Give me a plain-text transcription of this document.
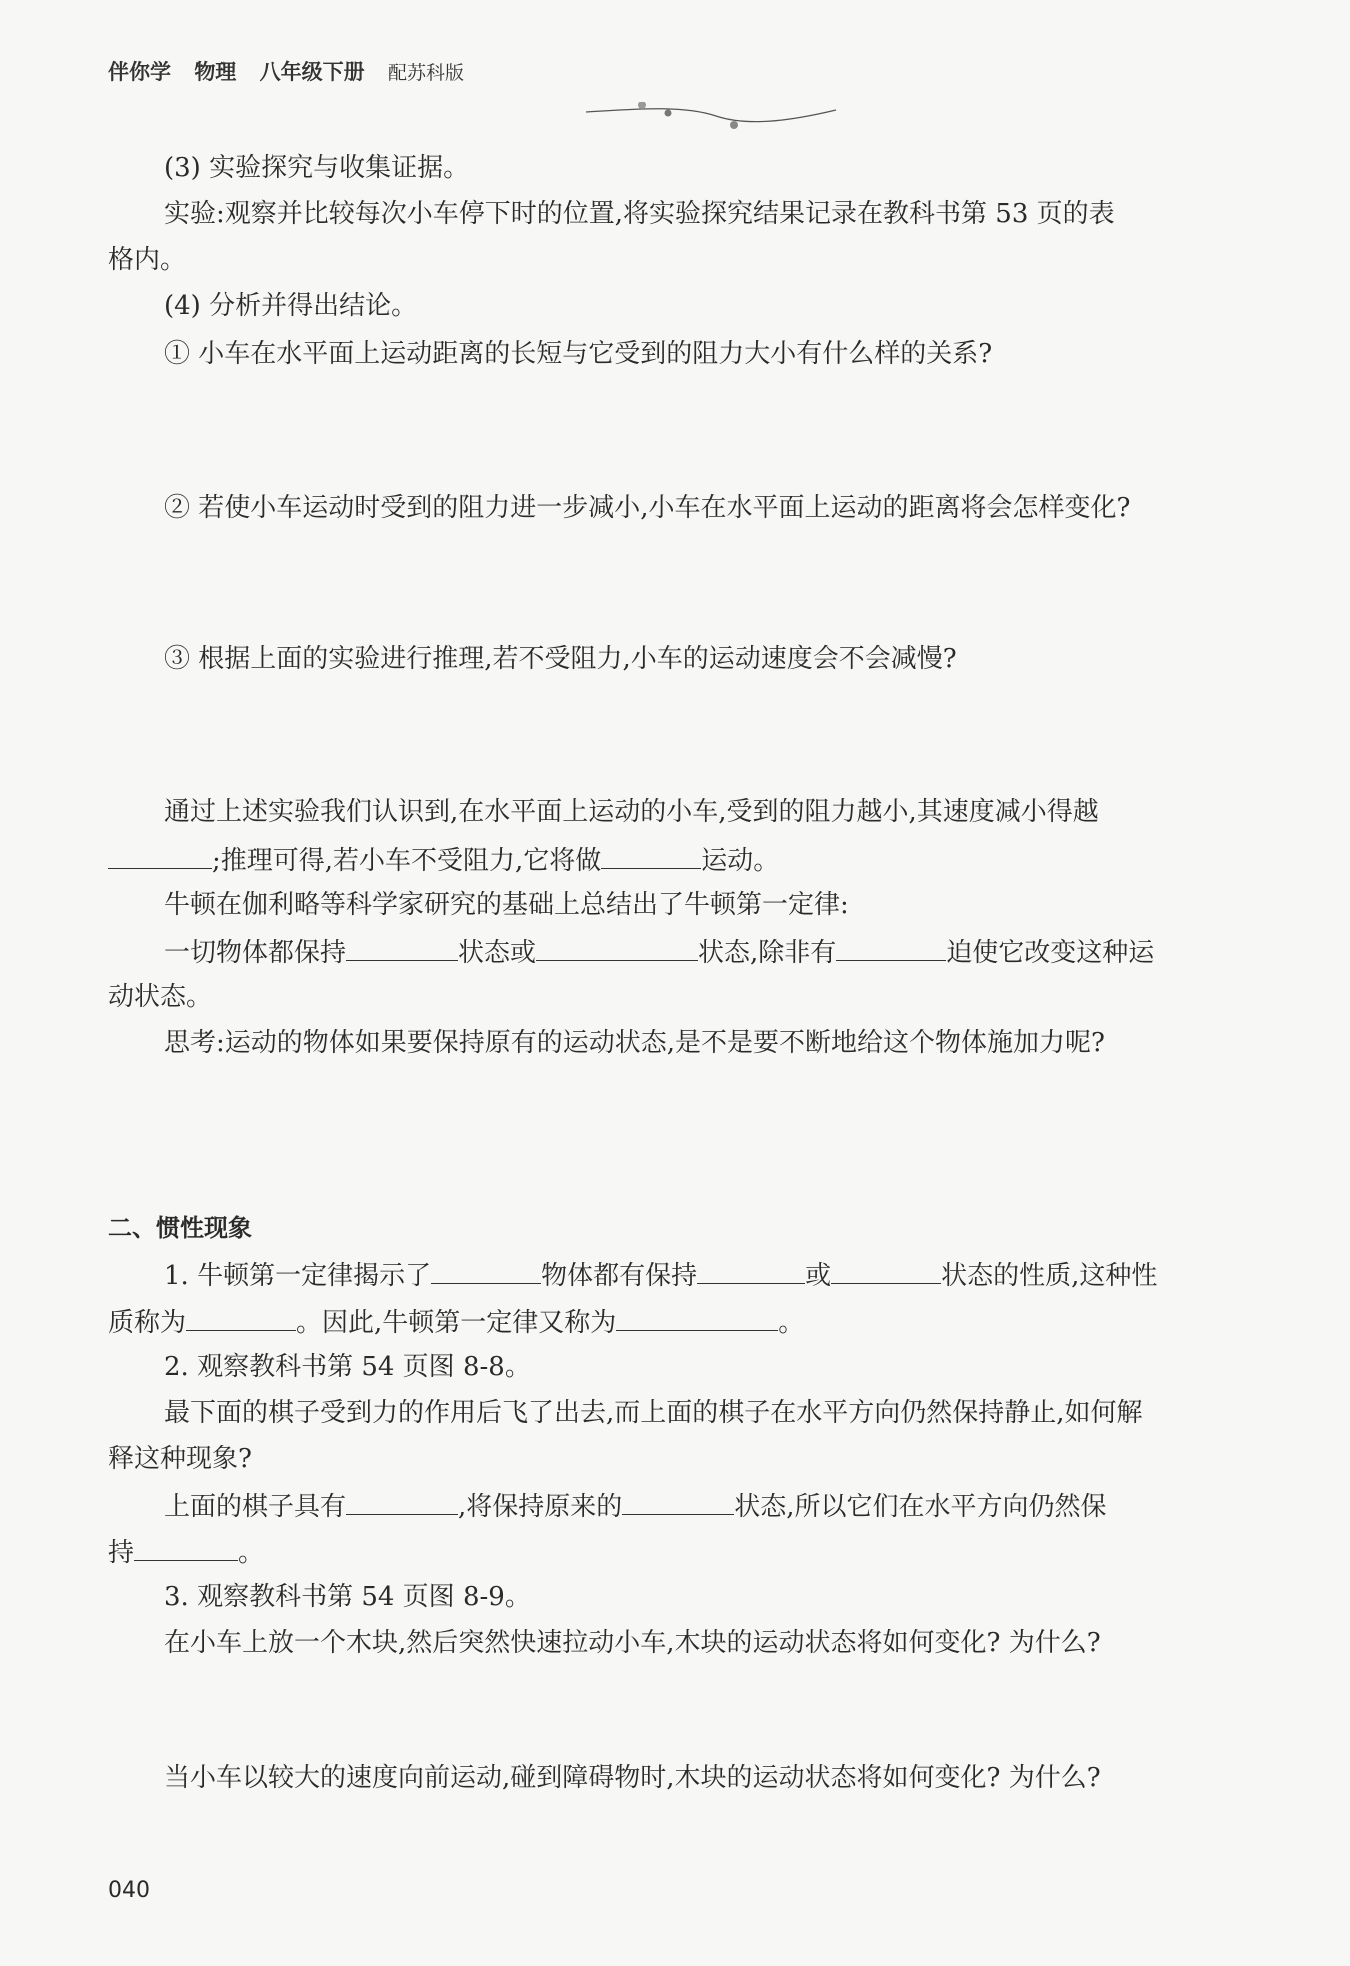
伴你学 物理 八年级下册 配苏科版
(3) 实验探究与收集证据。
实验:观察并比较每次小车停下时的位置,将实验探究结果记录在教科书第 53 页的表
格内。
(4) 分析并得出结论。
① 小车在水平面上运动距离的长短与它受到的阻力大小有什么样的关系?
② 若使小车运动时受到的阻力进一步减小,小车在水平面上运动的距离将会怎样变化?
③ 根据上面的实验进行推理,若不受阻力,小车的运动速度会不会减慢?
通过上述实验我们认识到,在水平面上运动的小车,受到的阻力越小,其速度减小得越
;推理可得,若小车不受阻力,它将做	运动。
牛顿在伽利略等科学家研究的基础上总结出了牛顿第一定律:
一切物体都保持	状态或	状态,除非有	迫使它改变这种运
动状态。
思考:运动的物体如果要保持原有的运动状态,是不是要不断地给这个物体施加力呢?
二、惯性现象
1. 牛顿第一定律揭示了	物体都有保持	或	状态的性质,这种性
质称为	。因此,牛顿第一定律又称为	。
2. 观察教科书第 54 页图 8-8。
最下面的棋子受到力的作用后飞了出去,而上面的棋子在水平方向仍然保持静止,如何解
释这种现象?
上面的棋子具有	,将保持原来的	状态,所以它们在水平方向仍然保
持	。
3. 观察教科书第 54 页图 8-9。
在小车上放一个木块,然后突然快速拉动小车,木块的运动状态将如何变化? 为什么?
当小车以较大的速度向前运动,碰到障碍物时,木块的运动状态将如何变化? 为什么?
040
